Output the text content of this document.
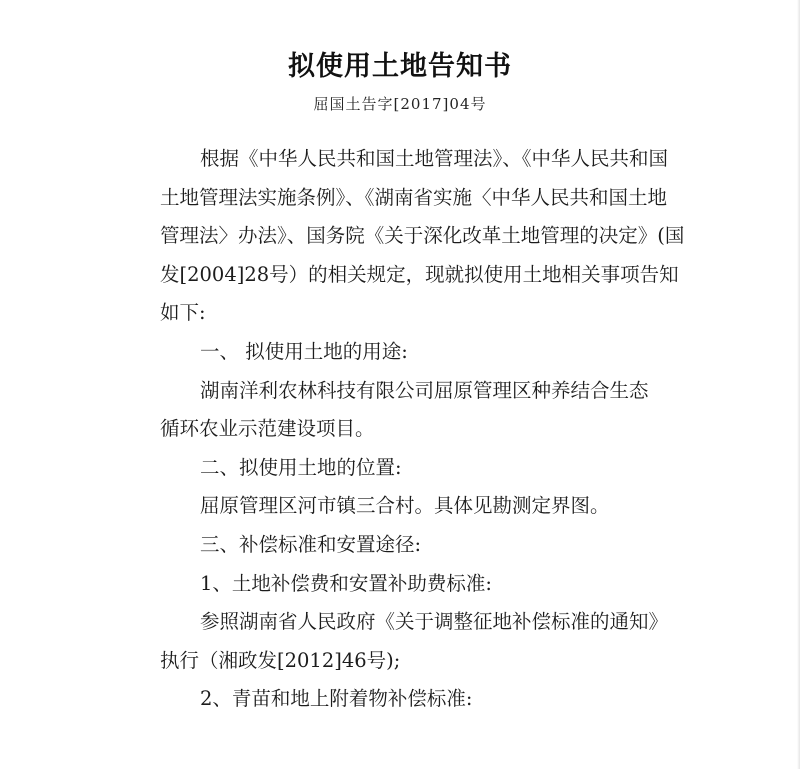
拟使用土地告知书
屈国土告字[2017]04号
根据《中华人民共和国土地管理法》、《中华人民共和国
土地管理法实施条例》、《湖南省实施〈中华人民共和国土地
管理法〉办法》、国务院《关于深化改革土地管理的决定》(国
发[2004]28号）的相关规定，现就拟使用土地相关事项告知
如下:
一、 拟使用土地的用途:
湖南洋利农林科技有限公司屈原管理区种养结合生态
循环农业示范建设项目。
二、拟使用土地的位置:
屈原管理区河市镇三合村。具体见勘测定界图。
三、补偿标准和安置途径:
1、土地补偿费和安置补助费标准:
参照湖南省人民政府《关于调整征地补偿标准的通知》
执行（湘政发[2012]46号);
2、青苗和地上附着物补偿标准:
